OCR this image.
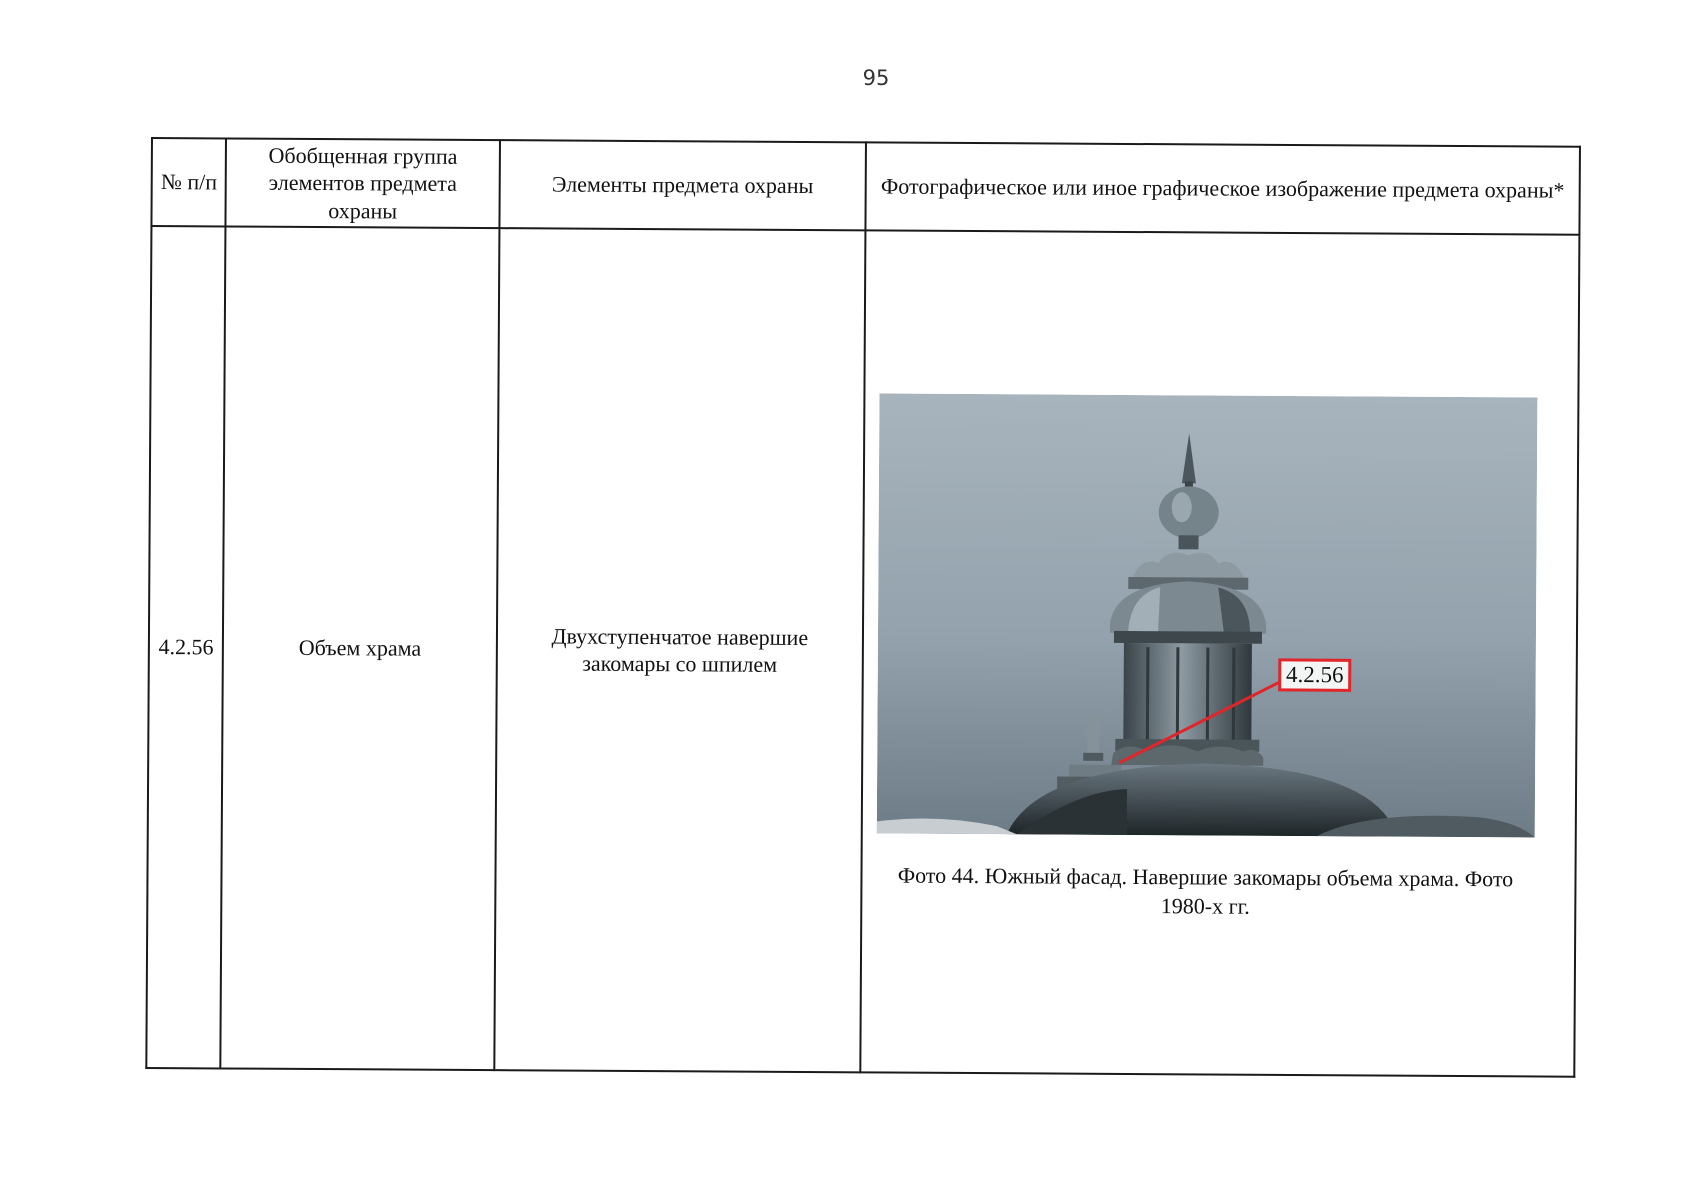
95
№ п/п	Обобщенная группа элементов предмета охраны	Элементы предмета охраны	Фотографическое или иное графическое изображение предмета охраны*
4.2.56	Объем храма	Двухступенчатое навершие закомары со шпилем	4.2.56
Фото 44. Южный фасад. Навершие закомары объема храма. Фото 1980-х гг.
